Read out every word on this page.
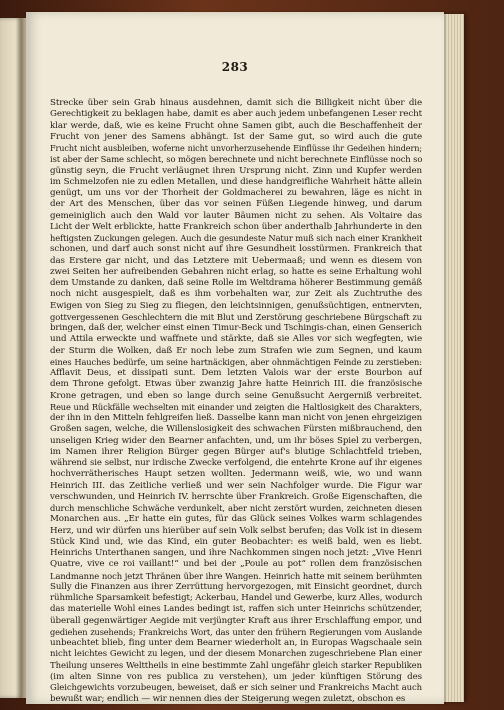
283
Strecke über sein Grab hinaus ausdehnen, damit sich die Billigkeit nicht über die
Gerechtigkeit zu beklagen habe, damit es aber auch jedem unbefangenen Leser recht
klar werde, daß, wie es keine Frucht ohne Samen gibt, auch die Beschaffenheit der
Frucht von jener des Samens abhängt. Ist der Same gut, so wird auch die gute
Frucht nicht ausbleiben, woferne nicht unvorherzusehende Einflüsse ihr Gedeihen hindern;
ist aber der Same schlecht, so mögen berechnete und nicht berechnete Einflüsse noch so
günstig seyn, die Frucht verläugnet ihren Ursprung nicht. Zinn und Kupfer werden
im Schmelzofen nie zu edlen Metallen, und diese handgreifliche Wahrheit hätte allein
genügt, um uns vor der Thorheit der Goldmacherei zu bewahren, läge es nicht in
der Art des Menschen, über das vor seinen Füßen Liegende hinweg, und darum
gemeiniglich auch den Wald vor lauter Bäumen nicht zu sehen. Als Voltaire das
Licht der Welt erblickte, hatte Frankreich schon über anderthalb Jahrhunderte in den
heftigsten Zuckungen gelegen. Auch die gesundeste Natur muß sich nach einer Krankheit
schonen, und darf auch sonst nicht auf ihre Gesundheit losstürmen. Frankreich that
das Erstere gar nicht, und das Letztere mit Uebermaaß; und wenn es diesem von
zwei Seiten her aufreibenden Gebahren nicht erlag, so hatte es seine Erhaltung wohl
dem Umstande zu danken, daß seine Rolle im Weltdrama höherer Bestimmung gemäß
noch nicht ausgespielt, daß es ihm vorbehalten war, zur Zeit als Zuchtruthe des
Ewigen von Sieg zu Sieg zu fliegen, den leichtsinnigen, genußsüchtigen, entnervten,
gottvergessenen Geschlechtern die mit Blut und Zerstörung geschriebene Bürgschaft zu
bringen, daß der, welcher einst einen Timur-Beck und Tschingis-chan, einen Genserich
und Attila erweckte und waffnete und stärkte, daß sie Alles vor sich wegfegten, wie
der Sturm die Wolken, daß Er noch lebe zum Strafen wie zum Segnen, und kaum
eines Hauches bedürfe, um seine hartnäckigen, aber ohnmächtigen Feinde zu zerstieben:
Afflavit Deus, et dissipati sunt. Dem letzten Valois war der erste Bourbon auf
dem Throne gefolgt. Etwas über zwanzig Jahre hatte Heinrich III. die französische
Krone getragen, und eben so lange durch seine Genußsucht Aergerniß verbreitet.
Reue und Rückfälle wechselten mit einander und zeigten die Haltlosigkeit des Charakters,
der ihn in den Mitteln fehlgreifen ließ. Dasselbe kann man nicht von jenen ehrgeizigen
Großen sagen, welche, die Willenslosigkeit des schwachen Fürsten mißbrauchend, den
unseligen Krieg wider den Bearner anfachten, und, um ihr böses Spiel zu verbergen,
im Namen ihrer Religion Bürger gegen Bürger auf's blutige Schlachtfeld trieben,
während sie selbst, nur irdische Zwecke verfolgend, die entehrte Krone auf ihr eigenes
hochverrätherisches Haupt setzen wollten. Jedermann weiß, wie, wo und wann
Heinrich III. das Zeitliche verließ und wer sein Nachfolger wurde. Die Figur war
verschwunden, und Heinrich IV. herrschte über Frankreich. Große Eigenschaften, die
durch menschliche Schwäche verdunkelt, aber nicht zerstört wurden, zeichneten diesen
Monarchen aus. „Er hatte ein gutes, für das Glück seines Volkes warm schlagendes
Herz, und wir dürfen uns hierüber auf sein Volk selbst berufen; das Volk ist in diesem
Stück Kind und, wie das Kind, ein guter Beobachter: es weiß bald, wen es liebt.
Heinrichs Unterthanen sangen, und ihre Nachkommen singen noch jetzt: „Vive Henri
Quatre, vive ce roi vaillant!“ und bei der „Poule au pot“ rollen dem französischen
Landmanne noch jetzt Thränen über ihre Wangen. Heinrich hatte mit seinem berühmten
Sully die Finanzen aus ihrer Zerrüttung hervorgezogen, mit Einsicht geordnet, durch
rühmliche Sparsamkeit befestigt; Ackerbau, Handel und Gewerbe, kurz Alles, wodurch
das materielle Wohl eines Landes bedingt ist, raffen sich unter Heinrichs schützender,
überall gegenwärtiger Aegide mit verjüngter Kraft aus ihrer Erschlaffung empor, und
gediehen zusehends; Frankreichs Wort, das unter den frühern Regierungen vom Auslande
unbeachtet blieb, fing unter dem Bearner wiederholt an, in Europas Wagschaale sein
nicht leichtes Gewicht zu legen, und der diesem Monarchen zugeschriebene Plan einer
Theilung unseres Welttheils in eine bestimmte Zahl ungefähr gleich starker Republiken
(im alten Sinne von res publica zu verstehen), um jeder künftigen Störung des
Gleichgewichts vorzubeugen, beweiset, daß er sich seiner und Frankreichs Macht auch
bewußt war; endlich — wir nennen dies der Steigerung wegen zuletzt, obschon es
